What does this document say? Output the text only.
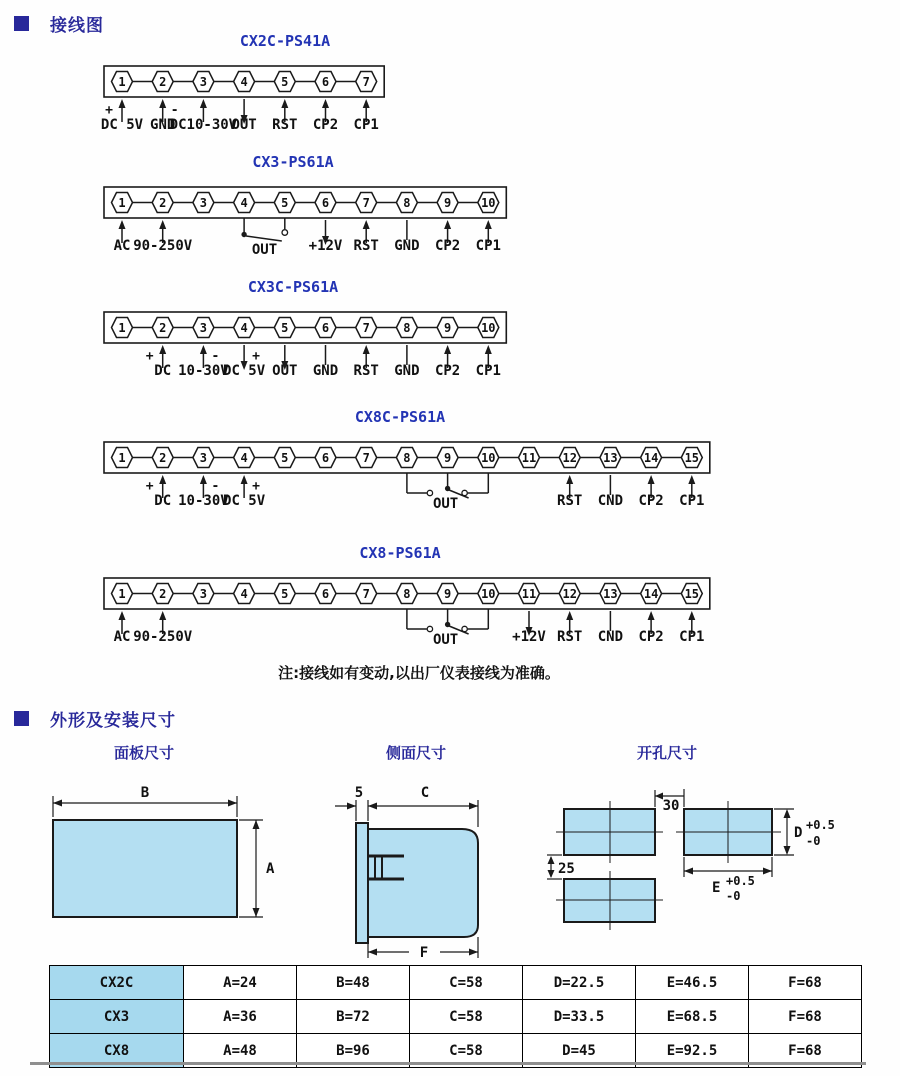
接线图
CX2C-PS41A
1	2	3	4	5	6	7
+
DC 5V
-
GND
DC10-30V
OUT RST CP2 CP1
CX3-PS61A
1	2	3	4	5	6	7	8	9 10
AC 90-250V	+12V RST GND CP2 CP1
OUT
CX3C-PS61A
1	2	3	4	5	6	7	8	9 10
+
DC
-
10-30V
+
DC 5V OUT GND RST GND CP2 CP1
CX8C-PS61A
1	2	3	4	5	6	7	8	9 10 11 12 13 14 15
+
DC
-
10-30V
+
DC 5V	RST CND CP2 CP1
OUT
CX8-PS61A
1	2	3	4	5	6	7	8	9 10 11 12 13 14 15
AC 90-250V	+12V RST CND CP2 CP1
OUT
注:接线如有变动,以出厂仪表接线为准确。
外形及安装尺寸
面板尺寸
B
A
侧面尺寸
5	C
F
开孔尺寸
30
25
D +0.5
-0
E +0.5
-0
CX2C	A=24	B=48	C=58	D=22.5	E=46.5	F=68
CX3	A=36	B=72	C=58	D=33.5	E=68.5	F=68
CX8	A=48	B=96	C=58	D=45	E=92.5	F=68
